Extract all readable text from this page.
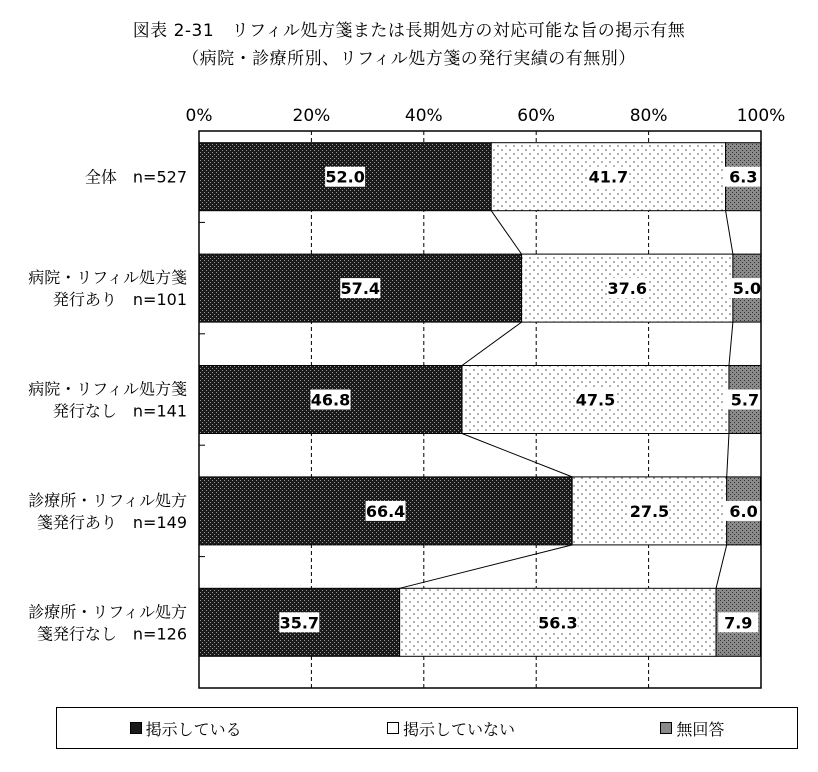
図表 2-31　リフィル処方箋または長期処方の対応可能な旨の掲示有無
（病院・診療所別、リフィル処方箋の発行実績の有無別）
52.0	41.7	6.3
57.4	37.6	5.0
46.8	47.5	5.7
66.4	27.5	6.0
35.7	56.3	7.9
0%	20%	40%	60%	80%	100%
全体　n=527
病院・リフィル処方箋
発行あり　n=101
病院・リフィル処方箋
発行なし　n=141
診療所・リフィル処方
箋発行あり　n=149
診療所・リフィル処方
箋発行なし　n=126
掲示している	掲示していない	無回答
